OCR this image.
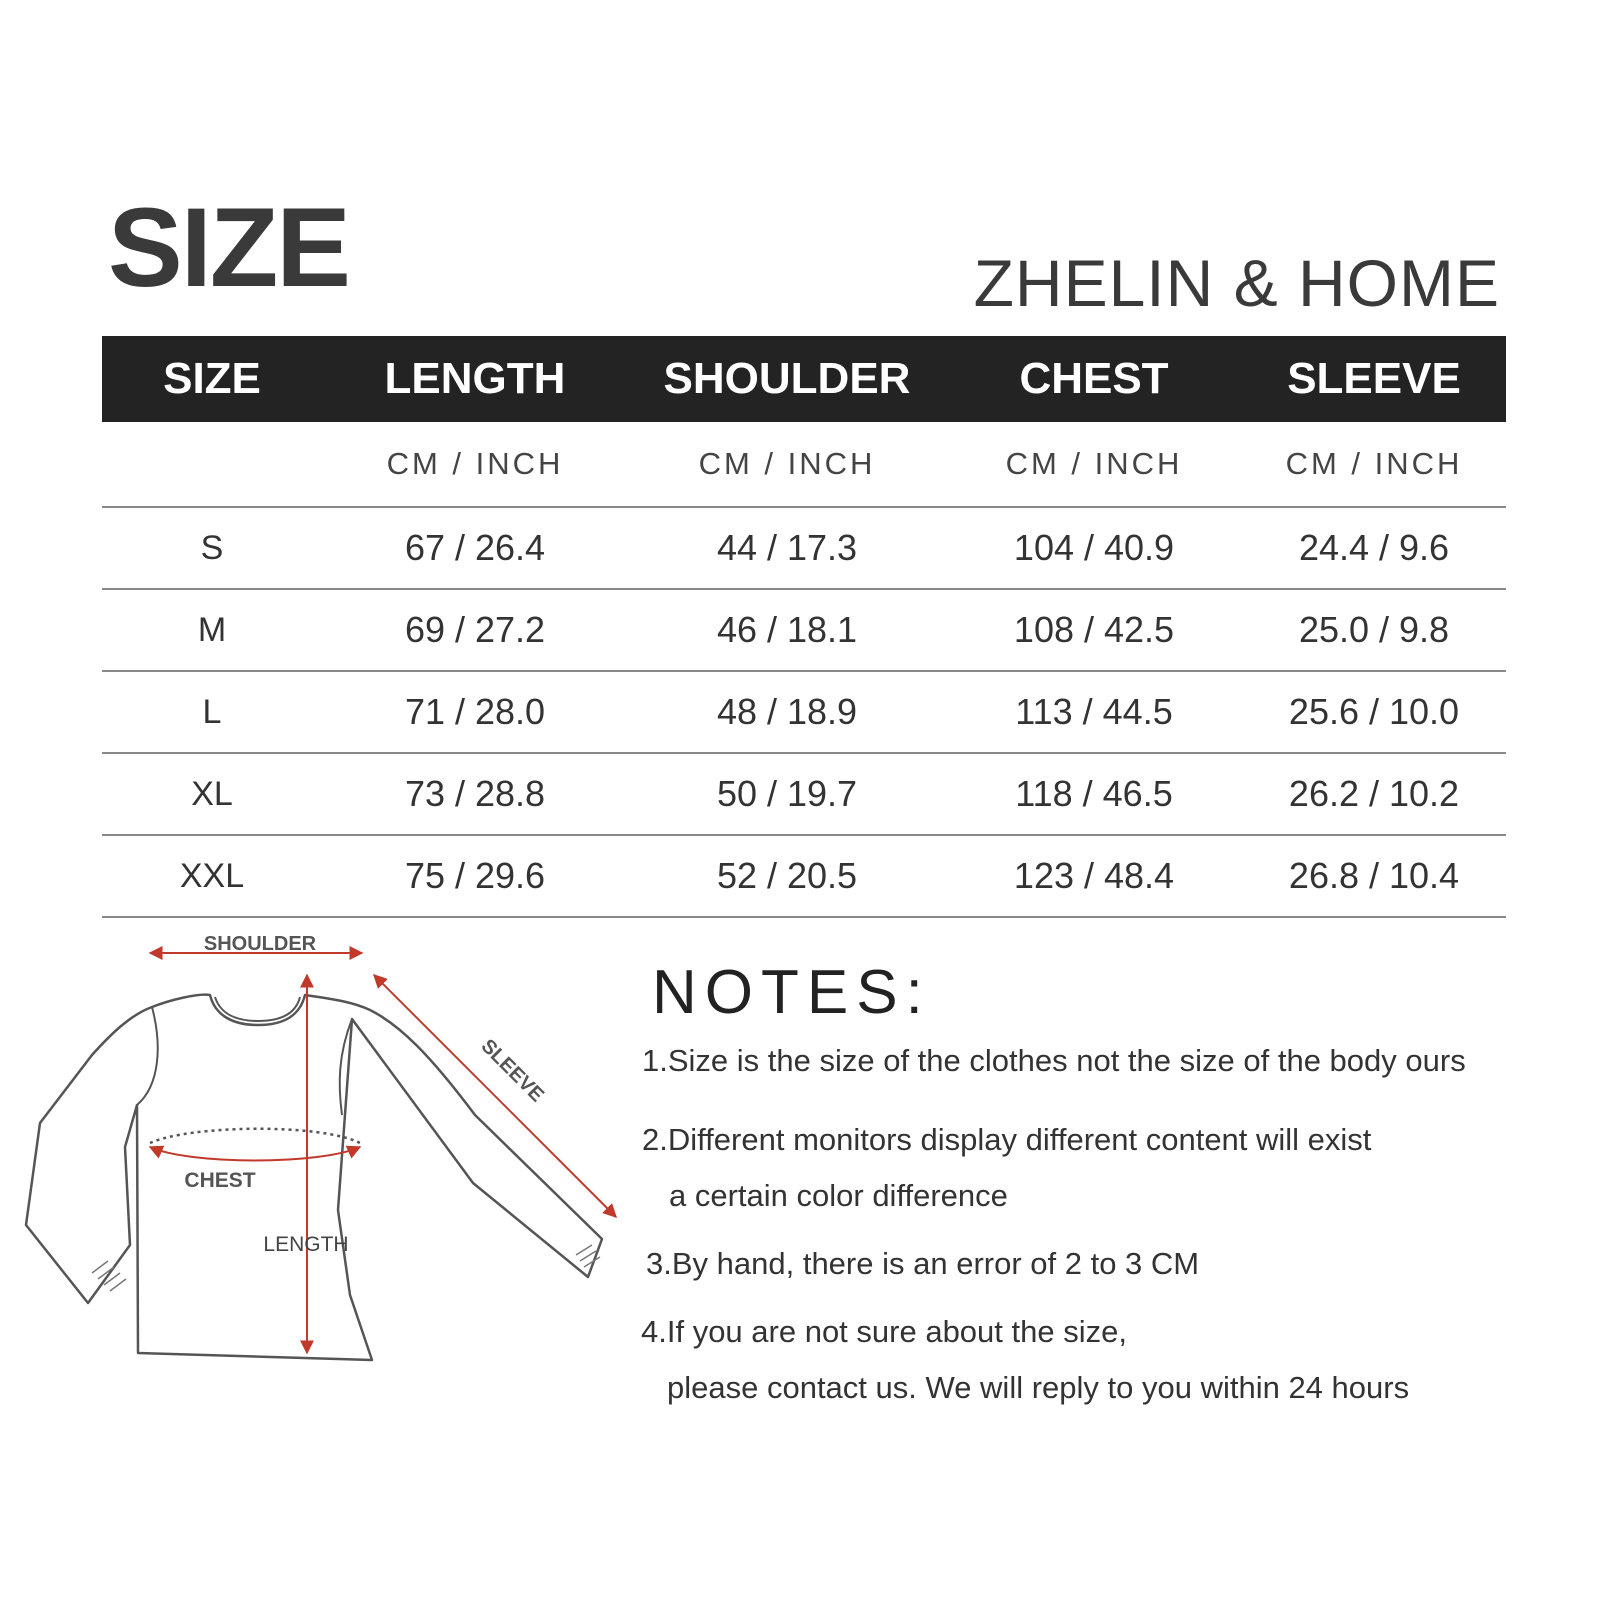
SIZE	ZHELIN & HOME
SIZE	LENGTH	SHOULDER	CHEST	SLEEVE
	CM / INCH	CM / INCH	CM / INCH	CM / INCH
S	67 / 26.4	44 / 17.3	104 / 40.9	24.4 / 9.6
M	69 / 27.2	46 / 18.1	108 / 42.5	25.0 / 9.8
L	71 / 28.0	48 / 18.9	113 / 44.5	25.6 / 10.0
XL	73 / 28.8	50 / 19.7	118 / 46.5	26.2 / 10.2
XXL	75 / 29.6	52 / 20.5	123 / 48.4	26.8 / 10.4
SHOULDER
LENGTH
CHEST
SLEEVE
NOTES:
1.Size is the size of the clothes not the size of the body ours
2.Different monitors display different content will exist
a certain color difference
3.By hand, there is an error of 2 to 3 CM
4.If you are not sure about the size,
please contact us. We will reply to you within 24 hours
